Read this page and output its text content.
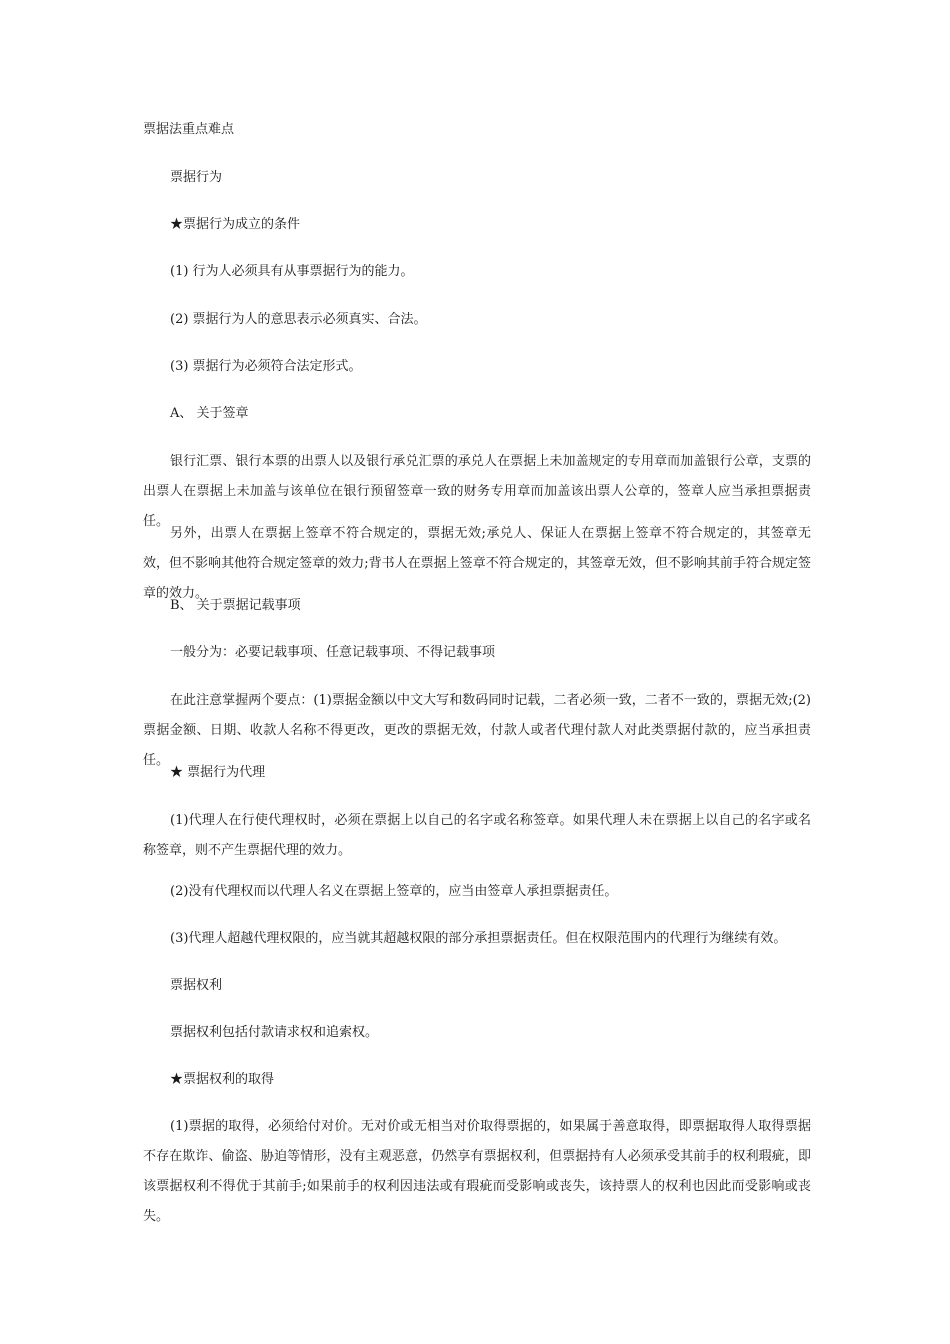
票据法重点难点

票据行为

★票据行为成立的条件

(1) 行为人必须具有从事票据行为的能力。

(2) 票据行为人的意思表示必须真实、合法。

(3) 票据行为必须符合法定形式。

A、 关于签章

银行汇票、银行本票的出票人以及银行承兑汇票的承兑人在票据上未加盖规定的专用章而加盖银行公章，支票的出票人在票据上未加盖与该单位在银行预留签章一致的财务专用章而加盖该出票人公章的，签章人应当承担票据责任。

另外，出票人在票据上签章不符合规定的，票据无效;承兑人、保证人在票据上签章不符合规定的，其签章无效，但不影响其他符合规定签章的效力;背书人在票据上签章不符合规定的，其签章无效，但不影响其前手符合规定签章的效力。

B、 关于票据记载事项

一般分为：必要记载事项、任意记载事项、不得记载事项

在此注意掌握两个要点：(1)票据金额以中文大写和数码同时记载，二者必须一致，二者不一致的，票据无效;(2)票据金额、日期、收款人名称不得更改，更改的票据无效，付款人或者代理付款人对此类票据付款的，应当承担责任。

★ 票据行为代理

(1)代理人在行使代理权时，必须在票据上以自己的名字或名称签章。如果代理人未在票据上以自己的名字或名称签章，则不产生票据代理的效力。

(2)没有代理权而以代理人名义在票据上签章的，应当由签章人承担票据责任。

(3)代理人超越代理权限的，应当就其超越权限的部分承担票据责任。但在权限范围内的代理行为继续有效。

票据权利

票据权利包括付款请求权和追索权。

★票据权利的取得

(1)票据的取得，必须给付对价。无对价或无相当对价取得票据的，如果属于善意取得，即票据取得人取得票据不存在欺诈、偷盗、胁迫等情形，没有主观恶意，仍然享有票据权利，但票据持有人必须承受其前手的权利瑕疵，即该票据权利不得优于其前手;如果前手的权利因违法或有瑕疵而受影响或丧失，该持票人的权利也因此而受影响或丧失。
